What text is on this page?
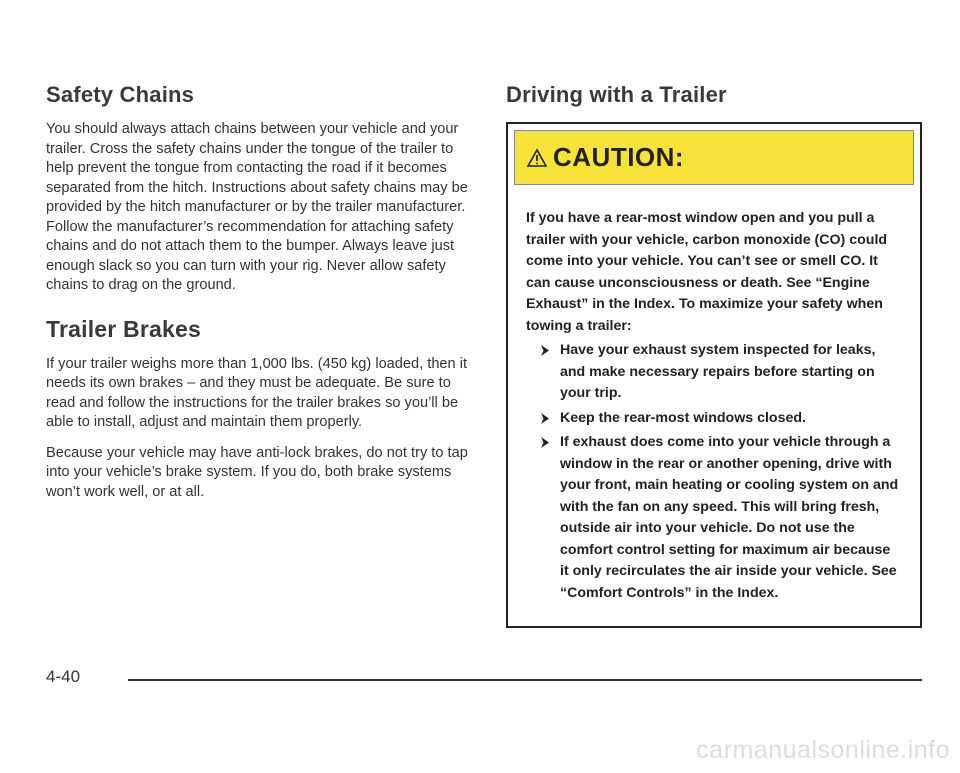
Safety Chains

You should always attach chains between your vehicle and your trailer. Cross the safety chains under the tongue of the trailer to help prevent the tongue from contacting the road if it becomes separated from the hitch. Instructions about safety chains may be provided by the hitch manufacturer or by the trailer manufacturer. Follow the manufacturer’s recommendation for attaching safety chains and do not attach them to the bumper. Always leave just enough slack so you can turn with your rig. Never allow safety chains to drag on the ground.

Trailer Brakes

If your trailer weighs more than 1,000 lbs. (450 kg) loaded, then it needs its own brakes – and they must be adequate. Be sure to read and follow the instructions for the trailer brakes so you’ll be able to install, adjust and maintain them properly.

Because your vehicle may have anti-lock brakes, do not try to tap into your vehicle’s brake system. If you do, both brake systems won’t work well, or at all.

Driving with a Trailer
CAUTION:

If you have a rear-most window open and you pull a trailer with your vehicle, carbon monoxide (CO) could come into your vehicle. You can’t see or smell CO. It can cause unconsciousness or death. See “Engine Exhaust” in the Index. To maximize your safety when towing a trailer:

Have your exhaust system inspected for leaks, and make necessary repairs before starting on your trip.
Keep the rear-most windows closed.
If exhaust does come into your vehicle through a window in the rear or another opening, drive with your front, main heating or cooling system on and with the fan on any speed. This will bring fresh, outside air into your vehicle. Do not use the comfort control setting for maximum air because it only recirculates the air inside your vehicle. See “Comfort Controls” in the Index.
4-40
carmanualsonline.info
